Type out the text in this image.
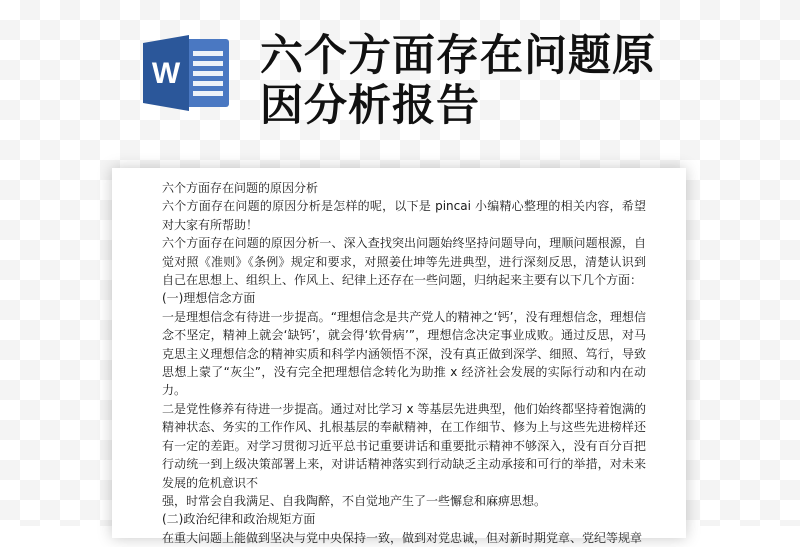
W 六个方面存在问题原因分析报告

六个方面存在问题的原因分析

六个方面存在问题的原因分析是怎样的呢，以下是 pincai 小编精心整理的相关内容，希望对大家有所帮助！

六个方面存在问题的原因分析一、深入查找突出问题始终坚持问题导向，理顺问题根源，自觉对照《准则》《条例》规定和要求，对照姜仕坤等先进典型，进行深刻反思，清楚认识到自己在思想上、组织上、作风上、纪律上还存在一些问题，归纳起来主要有以下几个方面：

(一)理想信念方面

一是理想信念有待进一步提高。“理想信念是共产党人的精神之‘钙’，没有理想信念，理想信念不坚定，精神上就会‘缺钙’，就会得‘软骨病’”，理想信念决定事业成败。通过反思，对马克思主义理想信念的精神实质和科学内涵领悟不深，没有真正做到深学、细照、笃行，导致思想上蒙了“灰尘”，没有完全把理想信念转化为助推 x 经济社会发展的实际行动和内在动力。

二是党性修养有待进一步提高。通过对比学习 x 等基层先进典型，他们始终都坚持着饱满的精神状态、务实的工作作风、扎根基层的奉献精神，在工作细节、修为上与这些先进榜样还有一定的差距。对学习贯彻习近平总书记重要讲话和重要批示精神不够深入，没有百分百把行动统一到上级决策部署上来，对讲话精神落实到行动缺乏主动承接和可行的举措，对未来发展的危机意识不

强，时常会自我满足、自我陶醉，不自觉地产生了一些懈怠和麻痹思想。

(二)政治纪律和政治规矩方面

在重大问题上能做到坚决与党中央保持一致，做到对党忠诚，但对新时期党章、党纪等规章
